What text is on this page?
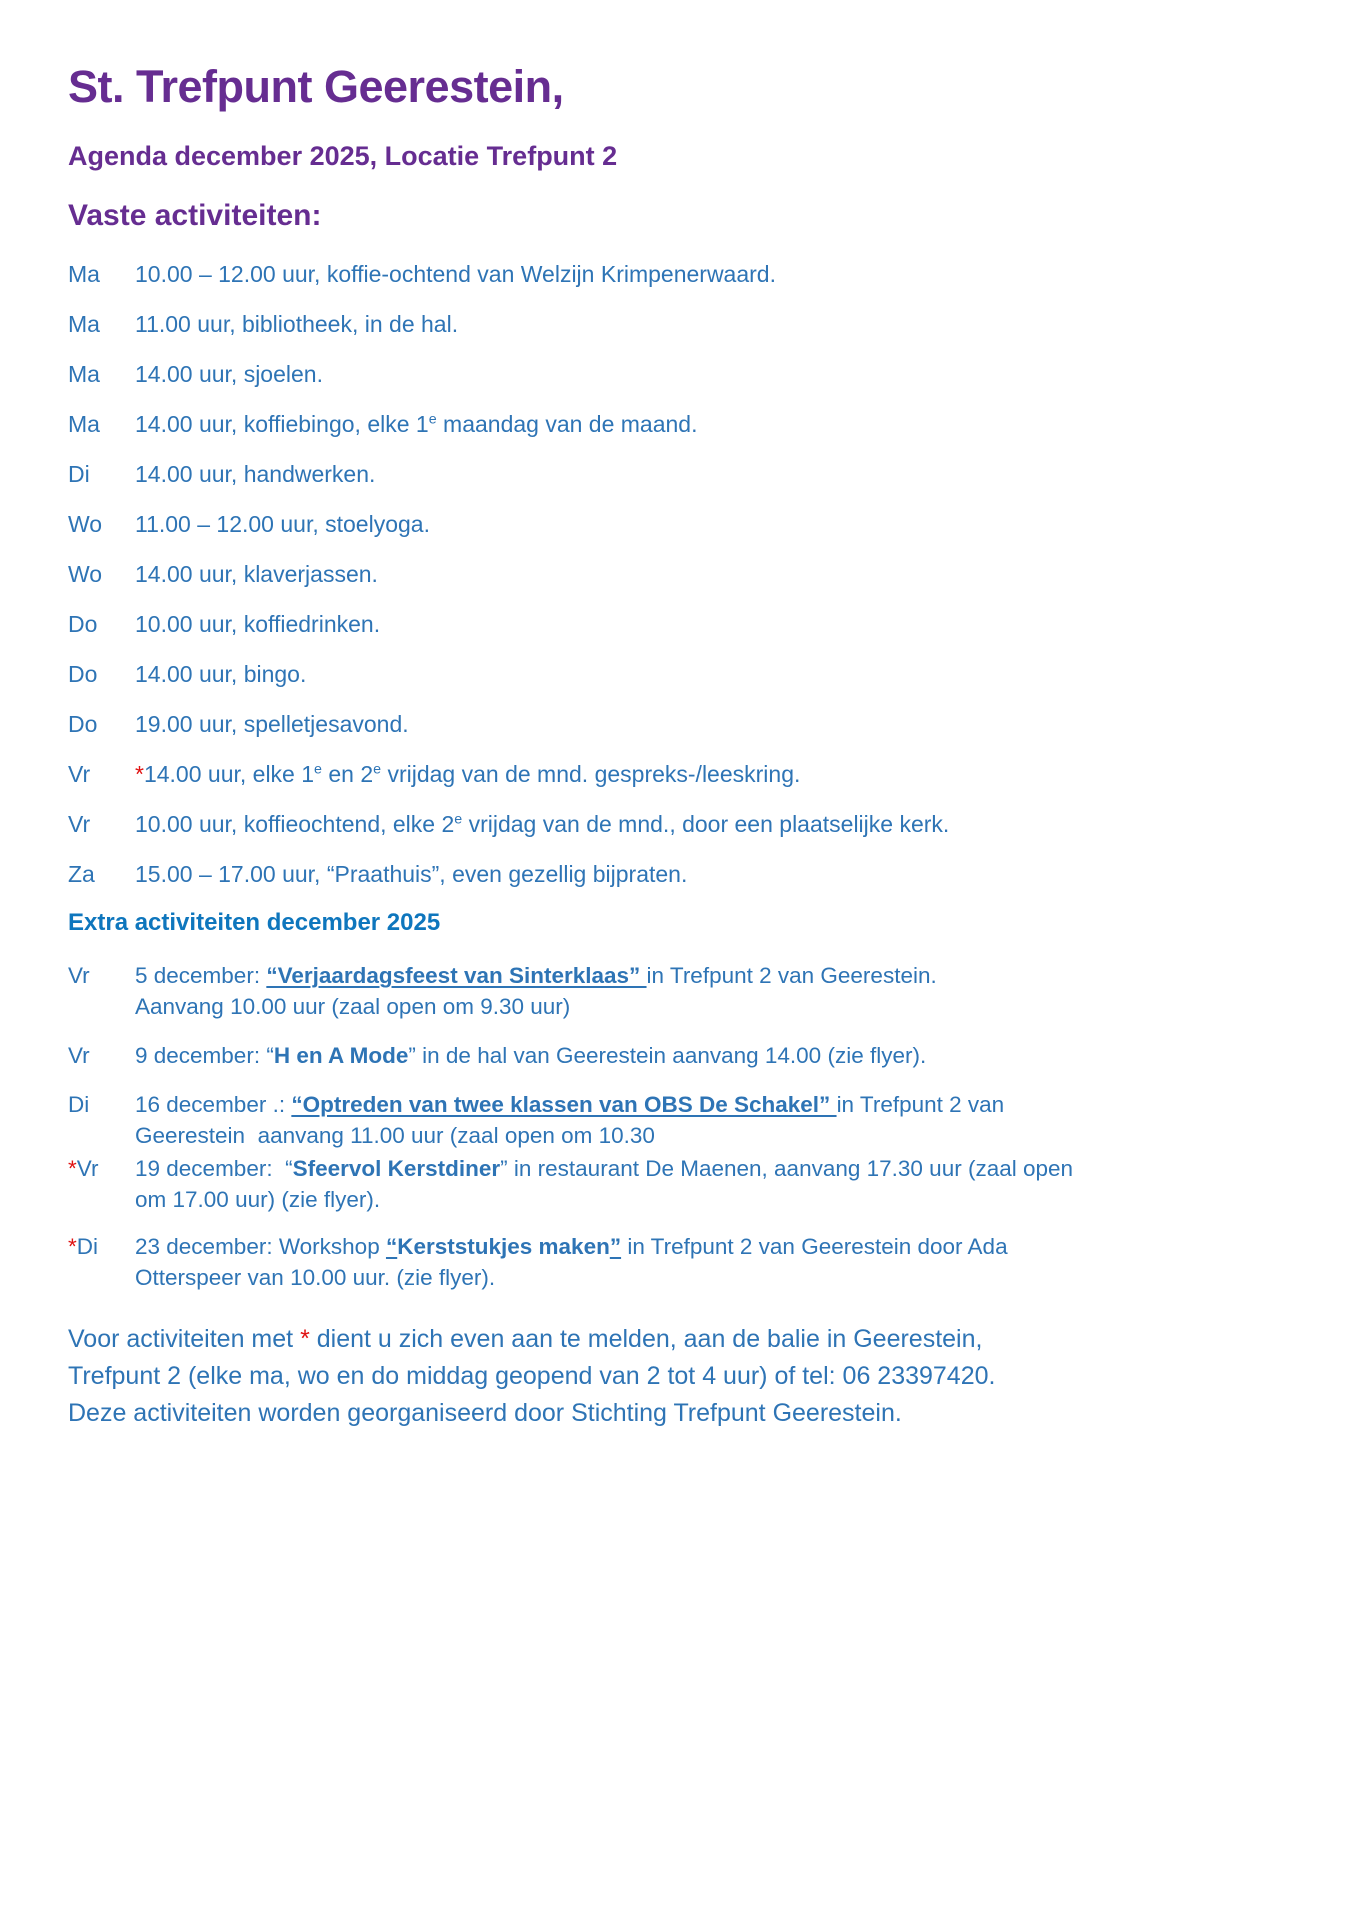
St. Trefpunt Geerestein,
Agenda december 2025, Locatie Trefpunt 2
Vaste activiteiten:
Ma	10.00 – 12.00 uur, koffie-ochtend van Welzijn Krimpenerwaard.
Ma	11.00 uur, bibliotheek, in de hal.
Ma	14.00 uur, sjoelen.
Ma	14.00 uur, koffiebingo, elke 1e maandag van de maand.
Di	14.00 uur, handwerken.
Wo	11.00 – 12.00 uur, stoelyoga.
Wo	14.00 uur, klaverjassen.
Do	10.00 uur, koffiedrinken.
Do	14.00 uur, bingo.
Do	19.00 uur, spelletjesavond.
Vr	*14.00 uur, elke 1e en 2e vrijdag van de mnd. gespreks-/leeskring.
Vr	10.00 uur, koffieochtend, elke 2e vrijdag van de mnd., door een plaatselijke kerk.
Za	15.00 – 17.00 uur, “Praathuis”, even gezellig bijpraten.
Extra activiteiten december 2025
Vr	5 december: “Verjaardagsfeest van Sinterklaas” in Trefpunt 2 van Geerestein.
Aanvang 10.00 uur (zaal open om 9.30 uur)
Vr	9 december: “H en A Mode” in de hal van Geerestein aanvang 14.00 (zie flyer).
Di	16 december .: “Optreden van twee klassen van OBS De Schakel” in Trefpunt 2 van
Geerestein  aanvang 11.00 uur (zaal open om 10.30
*Vr	19 december:  “Sfeervol Kerstdiner” in restaurant De Maenen, aanvang 17.30 uur (zaal open
om 17.00 uur) (zie flyer).
*Di	23 december: Workshop “Kerststukjes maken” in Trefpunt 2 van Geerestein door Ada
Otterspeer van 10.00 uur. (zie flyer).

Voor activiteiten met * dient u zich even aan te melden, aan de balie in Geerestein,
Trefpunt 2 (elke ma, wo en do middag geopend van 2 tot 4 uur) of tel: 06 23397420.
Deze activiteiten worden georganiseerd door Stichting Trefpunt Geerestein.
